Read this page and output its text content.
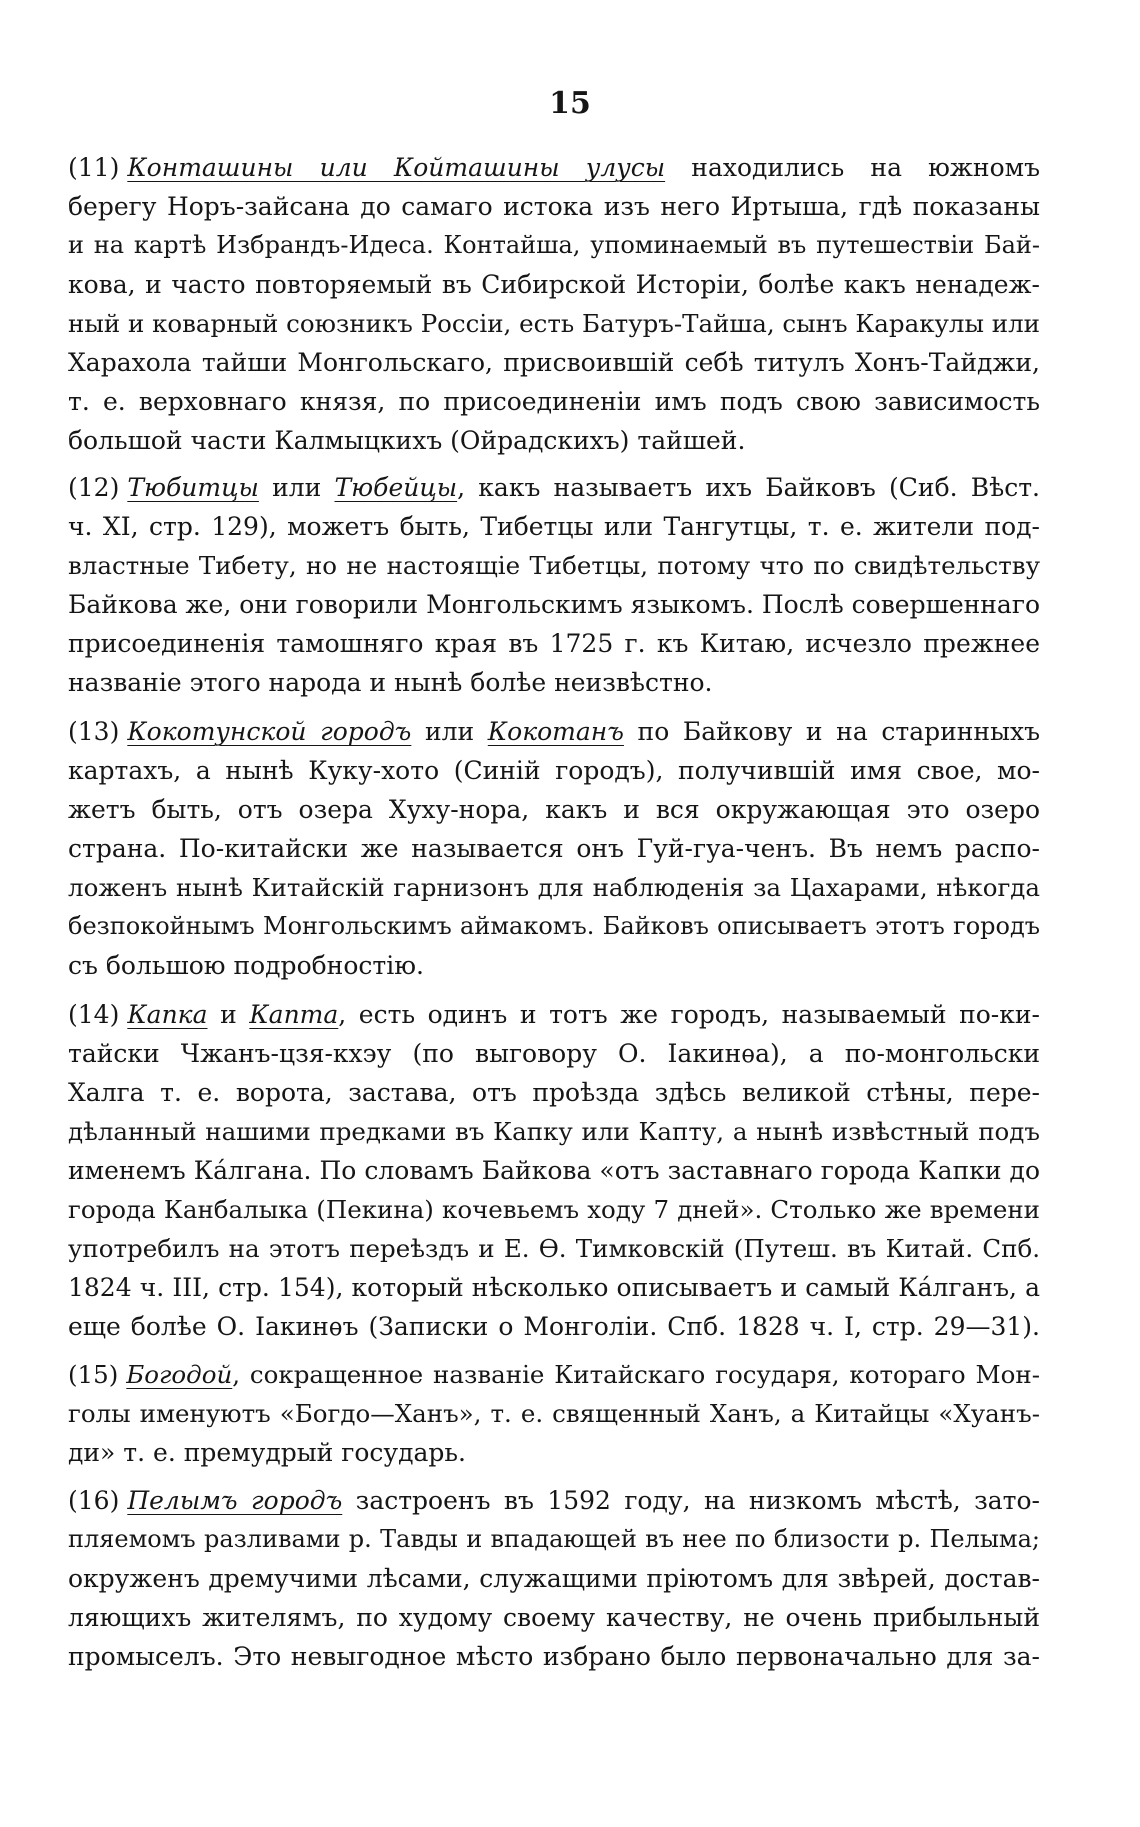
15
(11) Конташины или Койташины улусы находились на южномъ
берегу Норъ-зайсана до самаго истока изъ него Иртыша, гдѣ показаны
и на картѣ Избрандъ-Идеса. Контайша, упоминаемый въ путешествіи Бай-
кова, и часто повторяемый въ Сибирской Исторіи, болѣе какъ ненадеж-
ный и коварный союзникъ Россіи, есть Батуръ-Тайша, сынъ Каракулы или
Харахола тайши Монгольскаго, присвоившій себѣ титулъ Хонъ-Тайджи,
т. е. верховнаго князя, по присоединеніи имъ подъ свою зависимость
большой части Калмыцкихъ (Ойрадскихъ) тайшей.
(12) Тюбитцы или Тюбейцы, какъ называетъ ихъ Байковъ (Сиб. Вѣст.
ч. XI, стр. 129), можетъ быть, Тибетцы или Тангутцы, т. е. жители под-
властные Тибету, но не настоящіе Тибетцы, потому что по свидѣтельству
Байкова же, они говорили Монгольскимъ языкомъ. Послѣ совершеннаго
присоединенія тамошняго края въ 1725 г. къ Китаю, исчезло прежнее
названіе этого народа и нынѣ болѣе неизвѣстно.
(13) Кокотунской городъ или Кокотанъ по Байкову и на старинныхъ
картахъ, а нынѣ Куку-хото (Синій городъ), получившій имя свое, мо-
жетъ быть, отъ озера Хуху-нора, какъ и вся окружающая это озеро
страна. По-китайски же называется онъ Гуй-гуа-ченъ. Въ немъ распо-
ложенъ нынѣ Китайскій гарнизонъ для наблюденія за Цахарами, нѣкогда
безпокойнымъ Монгольскимъ аймакомъ. Байковъ описываетъ этотъ городъ
съ большою подробностію.
(14) Капка и Капта, есть одинъ и тотъ же городъ, называемый по-ки-
тайски Чжанъ-цзя-кхэу (по выговору О. Іакинѳа), а по-монгольски
Халга т. е. ворота, застава, отъ проѣзда здѣсь великой стѣны, пере-
дѣланный нашими предками въ Капку или Капту, а нынѣ извѣстный подъ
именемъ Кáлгана. По словамъ Байкова «отъ заставнаго города Капки до
города Канбалыка (Пекина) кочевьемъ ходу 7 дней». Столько же времени
употребилъ на этотъ переѣздъ и Е. Ѳ. Тимковскій (Путеш. въ Китай. Спб.
1824 ч. III, стр. 154), который нѣсколько описываетъ и самый Кáлганъ, а
еще болѣе О. Іакинѳъ (Записки о Монголіи. Спб. 1828 ч. I, стр. 29—31).
(15) Богодой, сокращенное названіе Китайскаго государя, котораго Мон-
голы именуютъ «Богдо—Ханъ», т. е. священный Ханъ, а Китайцы «Хуанъ-
ди» т. е. премудрый государь.
(16) Пелымъ городъ застроенъ въ 1592 году, на низкомъ мѣстѣ, зато-
пляемомъ разливами р. Тавды и впадающей въ нее по близости р. Пелыма;
окруженъ дремучими лѣсами, служащими пріютомъ для звѣрей, достав-
ляющихъ жителямъ, по худому своему качеству, не очень прибыльный
промыселъ. Это невыгодное мѣсто избрано было первоначально для за-
